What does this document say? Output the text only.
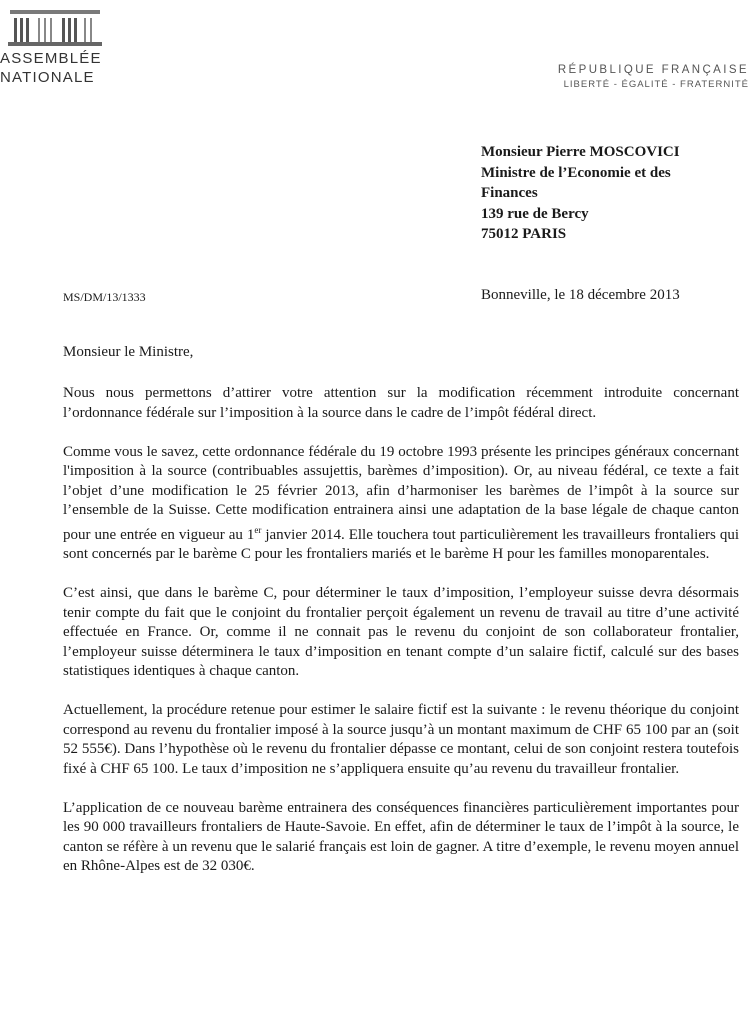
ASSEMBLÉE
NATIONALE	RÉPUBLIQUE FRANÇAISE
LIBERTÉ - ÉGALITÉ - FRATERNITÉ
Monsieur Pierre MOSCOVICI
Ministre de l’Economie et des
Finances
139 rue de Bercy
75012 PARIS
MS/DM/13/1333	Bonneville, le 18 décembre 2013
Monsieur le Ministre,

Nous nous permettons d’attirer votre attention sur la modification récemment introduite concernant l’ordonnance fédérale sur l’imposition à la source dans le cadre de l’impôt fédéral direct.

Comme vous le savez, cette ordonnance fédérale du 19 octobre 1993 présente les principes généraux concernant l'imposition à la source (contribuables assujettis, barèmes d’imposition). Or, au niveau fédéral, ce texte a fait l’objet d’une modification le 25 février 2013, afin d’harmoniser les barèmes de l’impôt à la source sur l’ensemble de la Suisse. Cette modification entrainera ainsi une adaptation de la base légale de chaque canton pour une entrée en vigueur au 1er janvier 2014. Elle touchera tout particulièrement les travailleurs frontaliers qui sont concernés par le barème C pour les frontaliers mariés et le barème H pour les familles monoparentales.

C’est ainsi, que dans le barème C, pour déterminer le taux d’imposition, l’employeur suisse devra désormais tenir compte du fait que le conjoint du frontalier perçoit également un revenu de travail au titre d’une activité effectuée en France. Or, comme il ne connait pas le revenu du conjoint de son collaborateur frontalier, l’employeur suisse déterminera le taux d’imposition en tenant compte d’un salaire fictif, calculé sur des bases statistiques identiques à chaque canton.

Actuellement, la procédure retenue pour estimer le salaire fictif est la suivante : le revenu théorique du conjoint correspond au revenu du frontalier imposé à la source jusqu’à un montant maximum de CHF 65 100 par an (soit 52 555€). Dans l’hypothèse où le revenu du frontalier dépasse ce montant, celui de son conjoint restera toutefois fixé à CHF 65 100. Le taux d’imposition ne s’appliquera ensuite qu’au revenu du travailleur frontalier.

L’application de ce nouveau barème entrainera des conséquences financières particulièrement importantes pour les 90 000 travailleurs frontaliers de Haute-Savoie. En effet, afin de déterminer le taux de l’impôt à la source, le canton se réfère à un revenu que le salarié français est loin de gagner. A titre d’exemple, le revenu moyen annuel en Rhône-Alpes est de 32 030€.
